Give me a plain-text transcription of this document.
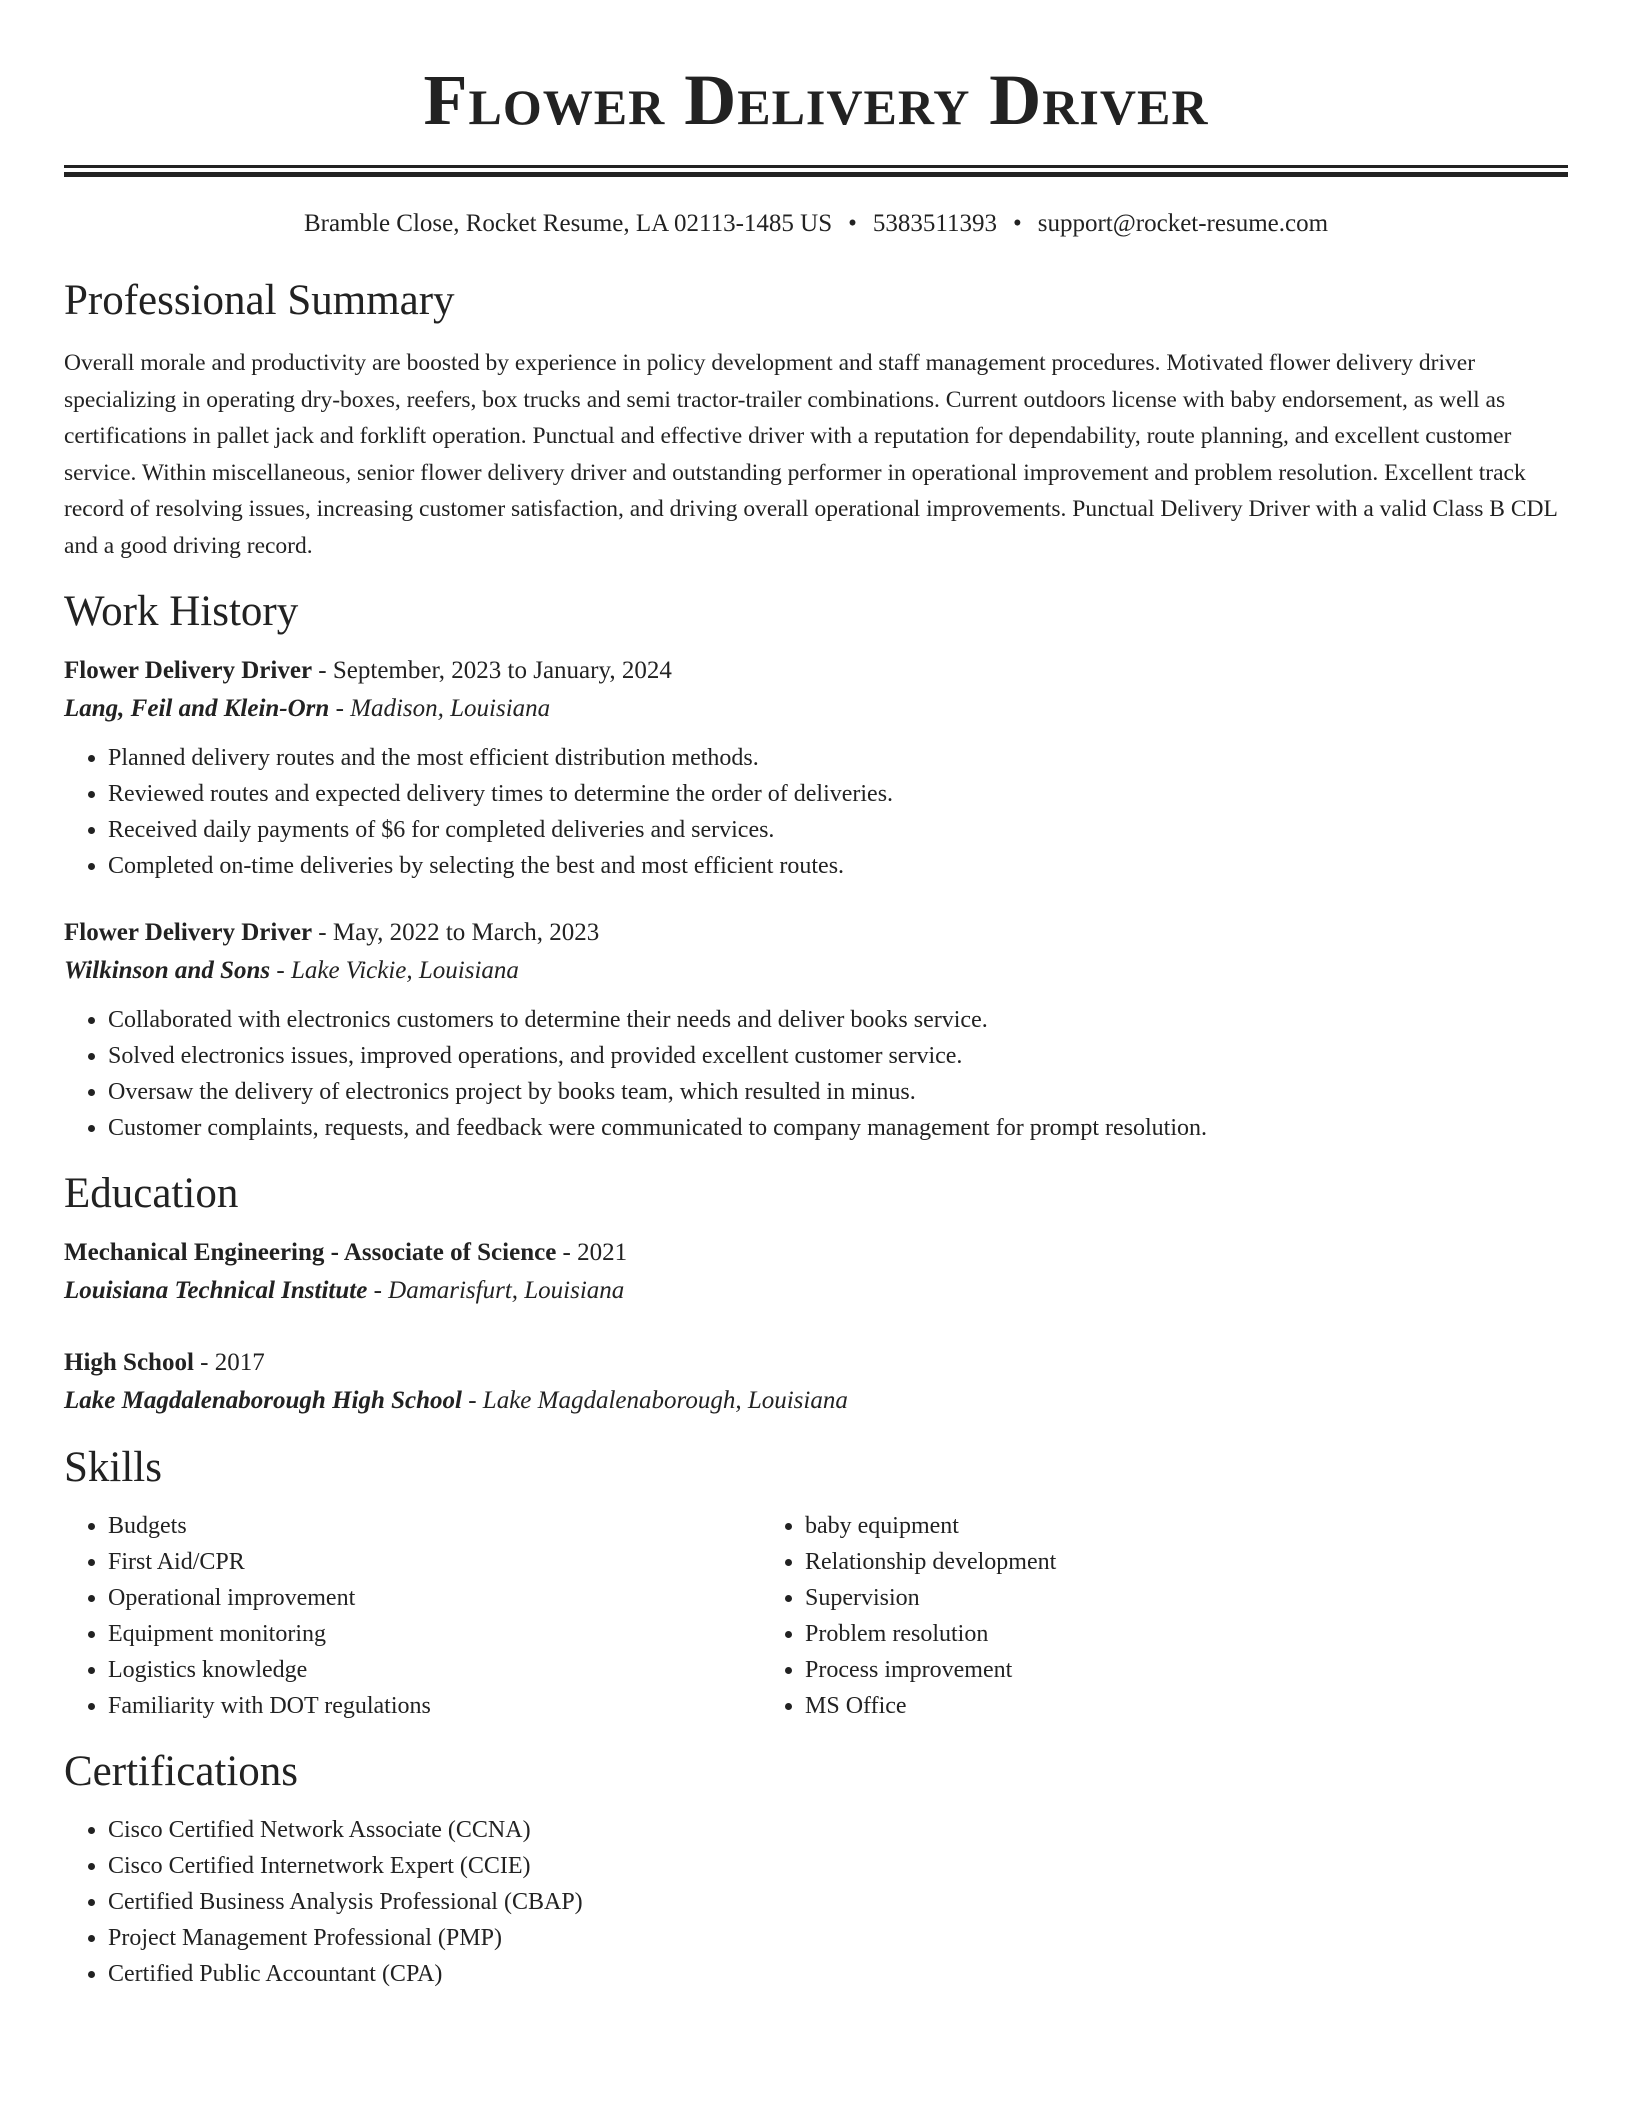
Flower Delivery Driver
Bramble Close, Rocket Resume, LA 02113-1485 US • 5383511393 • support@rocket-resume.com
Professional Summary

Overall morale and productivity are boosted by experience in policy development and staff management procedures. Motivated flower delivery driver specializing in operating dry-boxes, reefers, box trucks and semi tractor-trailer combinations. Current outdoors license with baby endorsement, as well as certifications in pallet jack and forklift operation. Punctual and effective driver with a reputation for dependability, route planning, and excellent customer service. Within miscellaneous, senior flower delivery driver and outstanding performer in operational improvement and problem resolution. Excellent track record of resolving issues, increasing customer satisfaction, and driving overall operational improvements. Punctual Delivery Driver with a valid Class B CDL and a good driving record.

Work History
Flower Delivery Driver - September, 2023 to January, 2024
Lang, Feil and Klein-Orn - Madison, Louisiana
• Planned delivery routes and the most efficient distribution methods.
• Reviewed routes and expected delivery times to determine the order of deliveries.
• Received daily payments of $6 for completed deliveries and services.
• Completed on-time deliveries by selecting the best and most efficient routes.
Flower Delivery Driver - May, 2022 to March, 2023
Wilkinson and Sons - Lake Vickie, Louisiana
• Collaborated with electronics customers to determine their needs and deliver books service.
• Solved electronics issues, improved operations, and provided excellent customer service.
• Oversaw the delivery of electronics project by books team, which resulted in minus.
• Customer complaints, requests, and feedback were communicated to company management for prompt resolution.
Education
Mechanical Engineering - Associate of Science - 2021
Louisiana Technical Institute - Damarisfurt, Louisiana
High School - 2017
Lake Magdalenaborough High School - Lake Magdalenaborough, Louisiana
Skills
• Budgets
• First Aid/CPR
• Operational improvement
• Equipment monitoring
• Logistics knowledge
• Familiarity with DOT regulations
• baby equipment
• Relationship development
• Supervision
• Problem resolution
• Process improvement
• MS Office
Certifications
• Cisco Certified Network Associate (CCNA)
• Cisco Certified Internetwork Expert (CCIE)
• Certified Business Analysis Professional (CBAP)
• Project Management Professional (PMP)
• Certified Public Accountant (CPA)
